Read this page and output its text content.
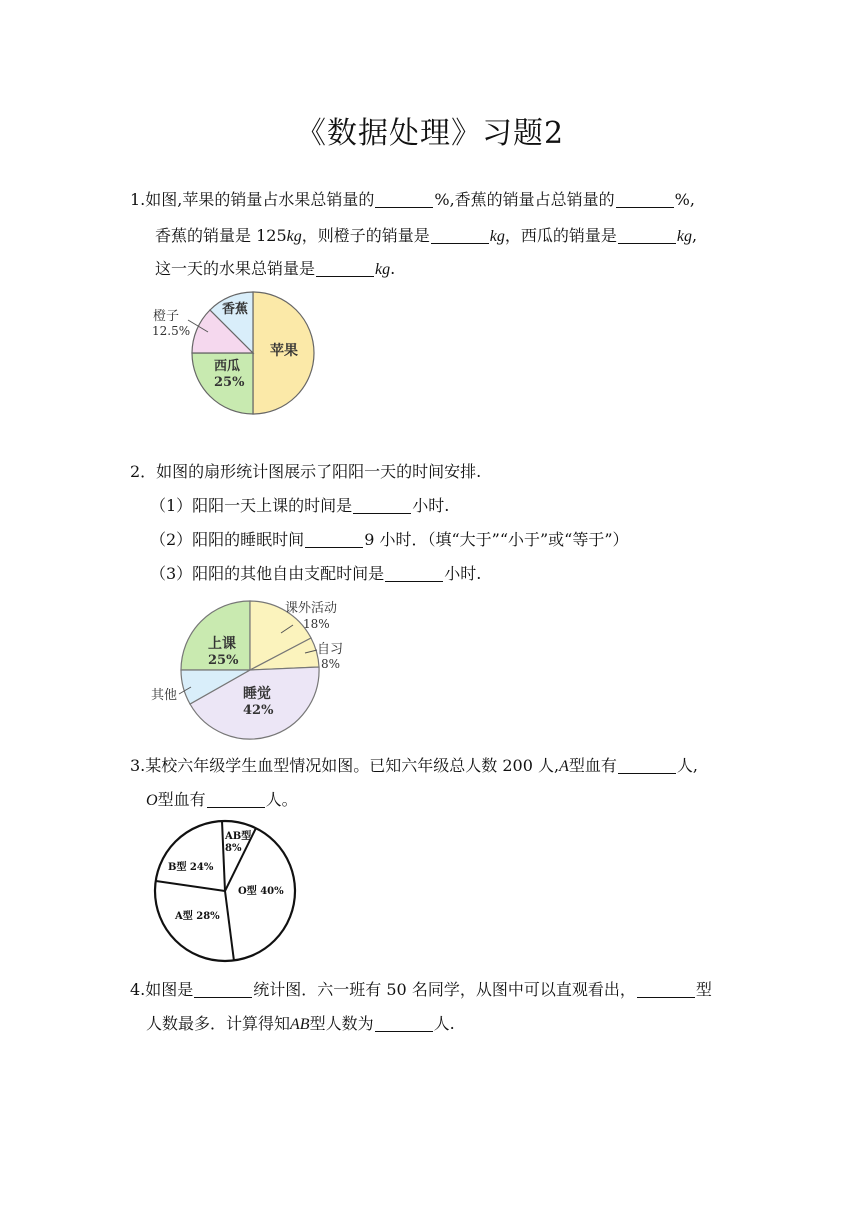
《数据处理》习题2
1.如图,苹果的销量占水果总销量的	%,香蕉的销量占总销量的	%,
香蕉的销量是 125kg，则橙子的销量是	kg，西瓜的销量是	kg,
这一天的水果总销量是	kg.
香蕉
橙子
12.5%
西瓜
25%
苹果
2．如图的扇形统计图展示了阳阳一天的时间安排.
（1）阳阳一天上课的时间是	小时.
（2）阳阳的睡眠时间	9 小时．（填“大于”“小于”或“等于”）
（3）阳阳的其他自由支配时间是	小时.
课外活动
18%
自习
8%
上课
25%
其他	睡觉
42%
3.某校六年级学生血型情况如图。已知六年级总人数 200 人,A型血有	人,
O型血有	人。
AB型
8%
B型 24%
O型 40%
A型 28%
4.如图是	统计图．六一班有 50 名同学，从图中可以直观看出，	型
人数最多．计算得知AB型人数为	人.
